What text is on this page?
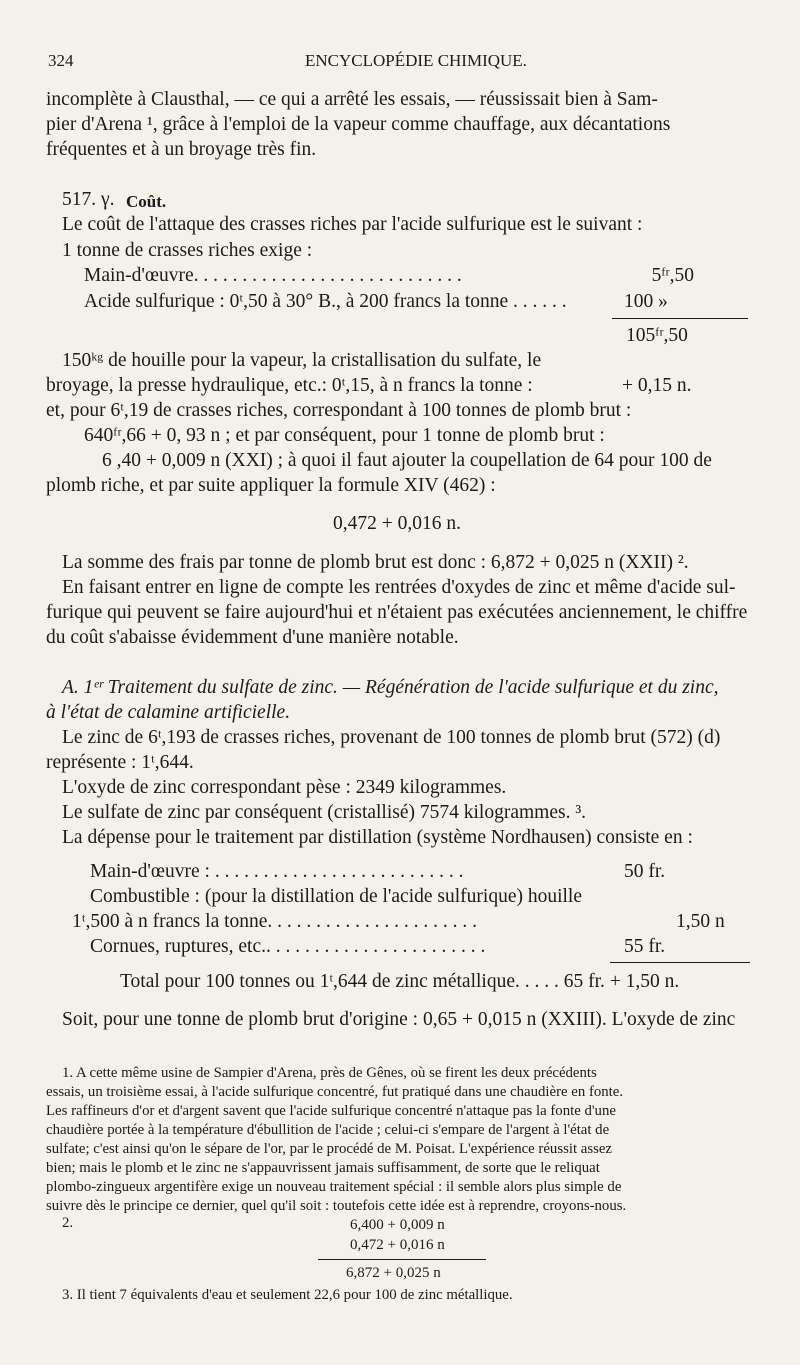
324	ENCYCLOPÉDIE CHIMIQUE.
incomplète à Clausthal, — ce qui a arrêté les essais, — réussissait bien à Sam-
pier d'Arena ¹, grâce à l'emploi de la vapeur comme chauffage, aux décantations
fréquentes et à un broyage très fin.
517. γ. Coût.
Le coût de l'attaque des crasses riches par l'acide sulfurique est le suivant :
1 tonne de crasses riches exige :
Main-d'œuvre. . . . . . . . . . . . . . . . . . . . . . . . . . . .	5ᶠʳ,50
Acide sulfurique : 0ᵗ,50 à 30° B., à 200 francs la tonne . . . . . .	100 »
105ᶠʳ,50
150ᵏᵍ de houille pour la vapeur, la cristallisation du sulfate, le
broyage, la presse hydraulique, etc.: 0ᵗ,15, à n francs la tonne :	+ 0,15 n.
et, pour 6ᵗ,19 de crasses riches, correspondant à 100 tonnes de plomb brut :
640ᶠʳ,66 + 0, 93 n ; et par conséquent, pour 1 tonne de plomb brut :
6 ,40 + 0,009 n (XXI) ; à quoi il faut ajouter la coupellation de 64 pour 100 de
plomb riche, et par suite appliquer la formule XIV (462) :
0,472 + 0,016 n.
La somme des frais par tonne de plomb brut est donc : 6,872 + 0,025 n (XXII) ².
En faisant entrer en ligne de compte les rentrées d'oxydes de zinc et même d'acide sul-
furique qui peuvent se faire aujourd'hui et n'étaient pas exécutées anciennement, le chiffre
du coût s'abaisse évidemment d'une manière notable.
A. 1ᵉʳ Traitement du sulfate de zinc. — Régénération de l'acide sulfurique et du zinc,
à l'état de calamine artificielle.
Le zinc de 6ᵗ,193 de crasses riches, provenant de 100 tonnes de plomb brut (572) (d)
représente : 1ᵗ,644.
L'oxyde de zinc correspondant pèse : 2349 kilogrammes.
Le sulfate de zinc par conséquent (cristallisé) 7574 kilogrammes. ³.
La dépense pour le traitement par distillation (système Nordhausen) consiste en :
Main-d'œuvre : . . . . . . . . . . . . . . . . . . . . . . . . . .	50 fr.
Combustible : (pour la distillation de l'acide sulfurique) houille
1ᵗ,500 à n francs la tonne. . . . . . . . . . . . . . . . . . . . . .	1,50 n
Cornues, ruptures, etc.. . . . . . . . . . . . . . . . . . . . . . .	55 fr.
Total pour 100 tonnes ou 1ᵗ,644 de zinc métallique. . . . . 65 fr. + 1,50 n.
Soit, pour une tonne de plomb brut d'origine : 0,65 + 0,015 n (XXIII). L'oxyde de zinc
1. A cette même usine de Sampier d'Arena, près de Gênes, où se firent les deux précédents
essais, un troisième essai, à l'acide sulfurique concentré, fut pratiqué dans une chaudière en fonte.
Les raffineurs d'or et d'argent savent que l'acide sulfurique concentré n'attaque pas la fonte d'une
chaudière portée à la température d'ébullition de l'acide ; celui-ci s'empare de l'argent à l'état de
sulfate; c'est ainsi qu'on le sépare de l'or, par le procédé de M. Poisat. L'expérience réussit assez
bien; mais le plomb et le zinc ne s'appauvrissent jamais suffisamment, de sorte que le reliquat
plombo-zingueux argentifère exige un nouveau traitement spécial : il semble alors plus simple de
suivre dès le principe ce dernier, quel qu'il soit : toutefois cette idée est à reprendre, croyons-nous.
2.	6,400 + 0,009 n
0,472 + 0,016 n
6,872 + 0,025 n
3. Il tient 7 équivalents d'eau et seulement 22,6 pour 100 de zinc métallique.
